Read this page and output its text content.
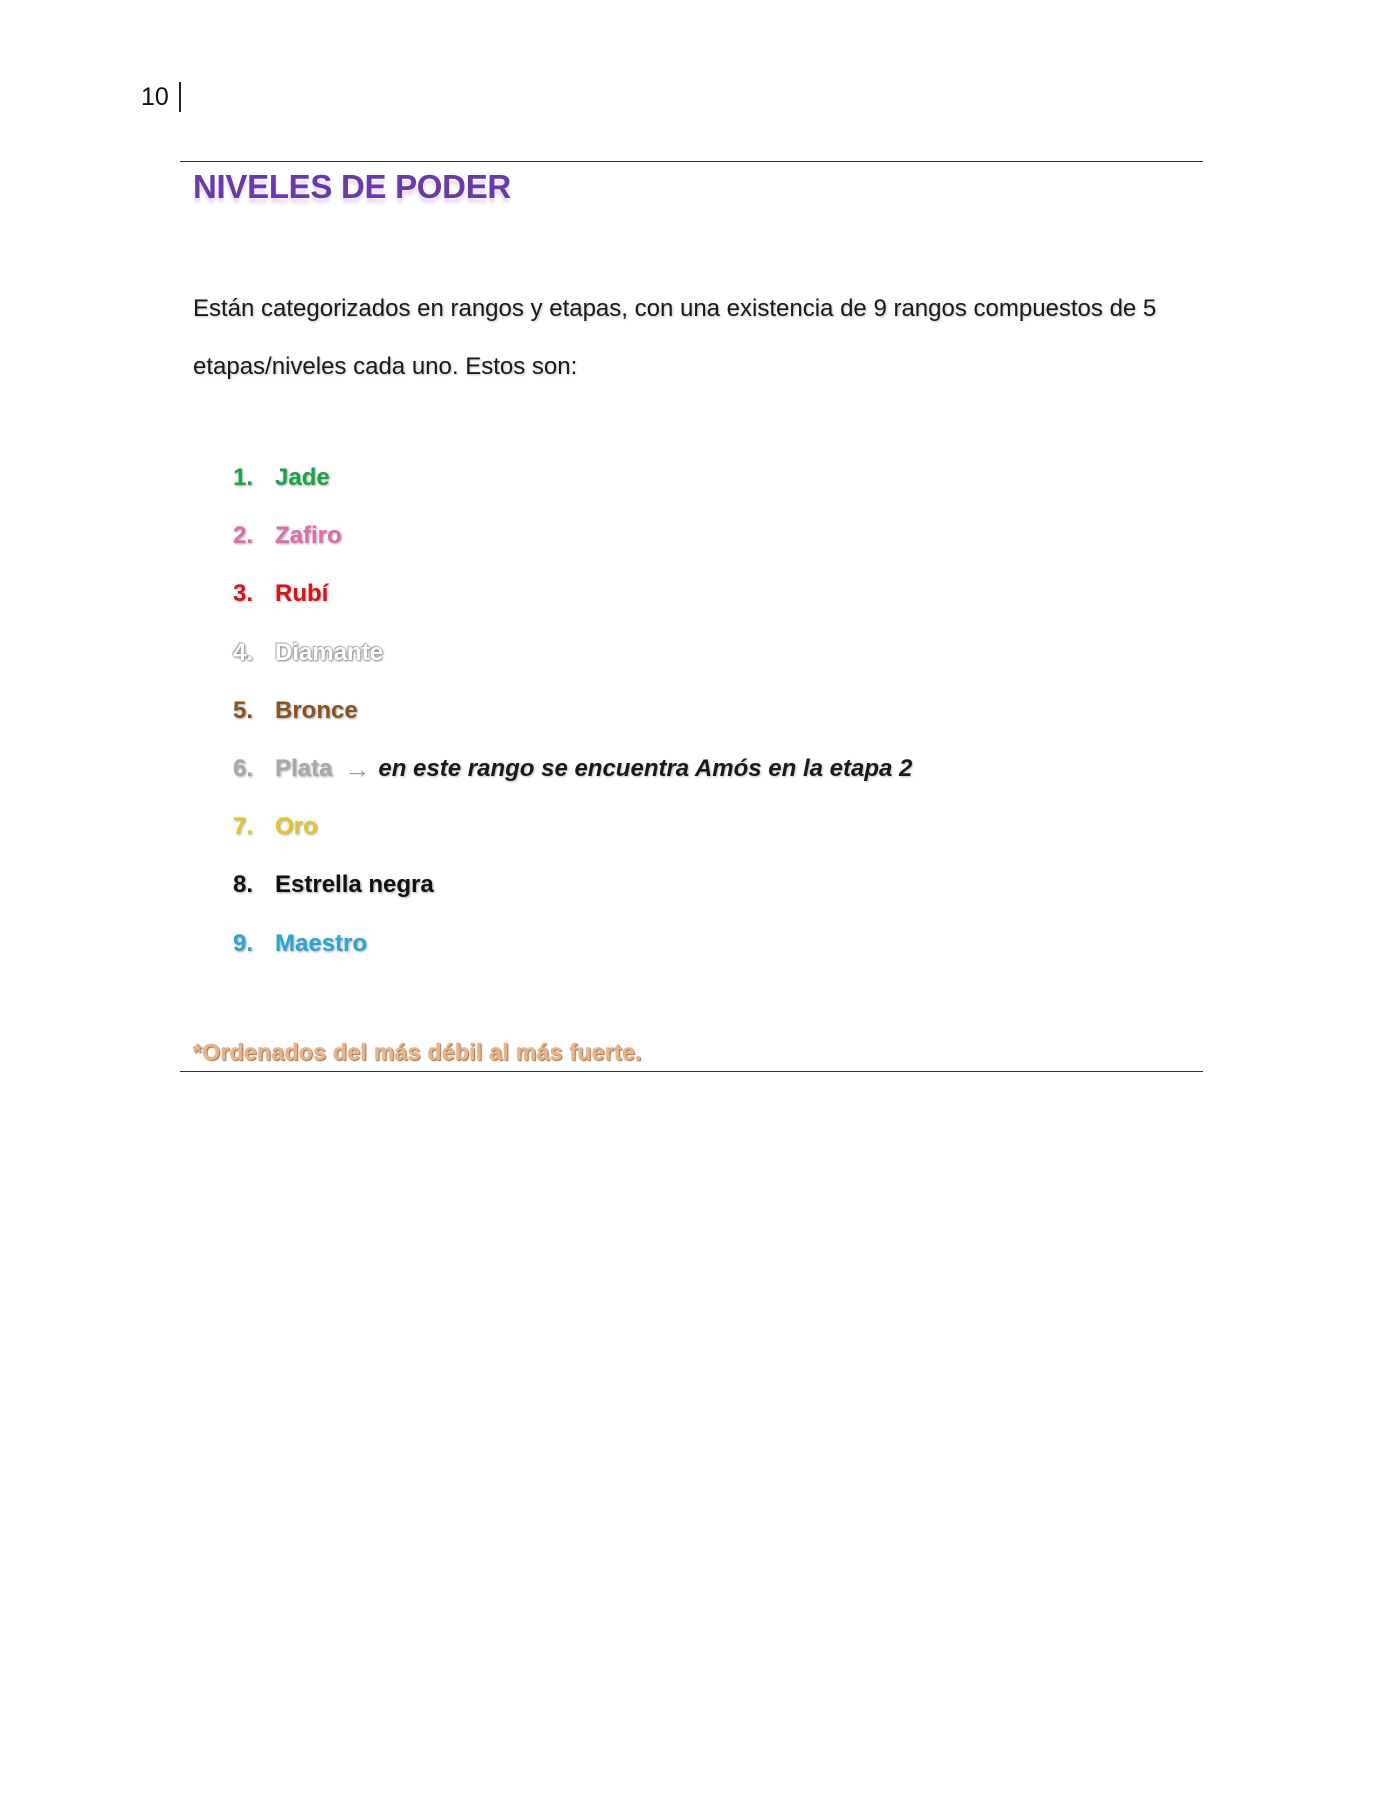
10
NIVELES DE PODER

Están categorizados en rangos y etapas, con una existencia de 9 rangos compuestos de 5 etapas/niveles cada uno. Estos son:

1. Jade
2. Zafiro
3. Rubí
4. Diamante
5. Bronce
6. Plata → en este rango se encuentra Amós en la etapa 2
7. Oro
8. Estrella negra
9. Maestro

*Ordenados del más débil al más fuerte.
